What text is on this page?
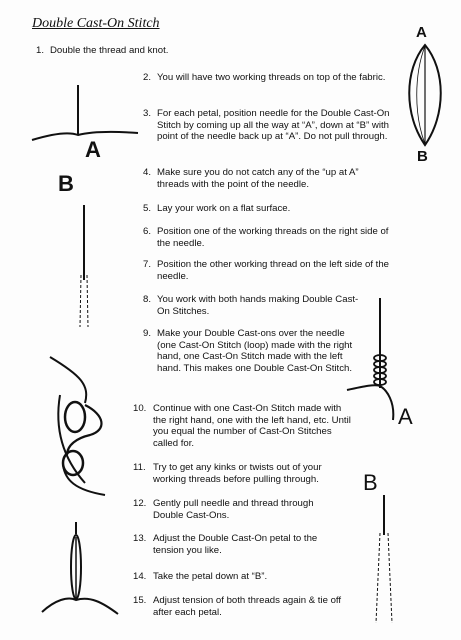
Double Cast-On Stitch
1. Double the thread and knot.
2. You will have two working threads on top of the fabric.
3. For each petal, position needle for the Double Cast-On Stitch by coming up all the way at “A”, down at “B” with point of the needle back up at “A”. Do not pull through.
4. Make sure you do not catch any of the “up at A” threads with the point of the needle.
5. Lay your work on a flat surface.
6. Position one of the working threads on the right side of the needle.
7. Position the other working thread on the left side of the needle.
8. You work with both hands making Double Cast-On Stitches.
9. Make your Double Cast-ons over the needle (one Cast-On Stitch (loop) made with the right hand, one Cast-On Stitch made with the left hand. This makes one Double Cast-On Stitch.
10. Continue with one Cast-On Stitch made with the right hand, one with the left hand, etc. Until you equal the number of Cast-On Stitches called for.
11. Try to get any kinks or twists out of your working threads before pulling through.
12. Gently pull needle and thread through Double Cast-Ons.
13. Adjust the Double Cast-On petal to the tension you like.
14. Take the petal down at “B”.
15. Adjust tension of both threads again & tie off after each petal.
A
B
A
B
A
B
